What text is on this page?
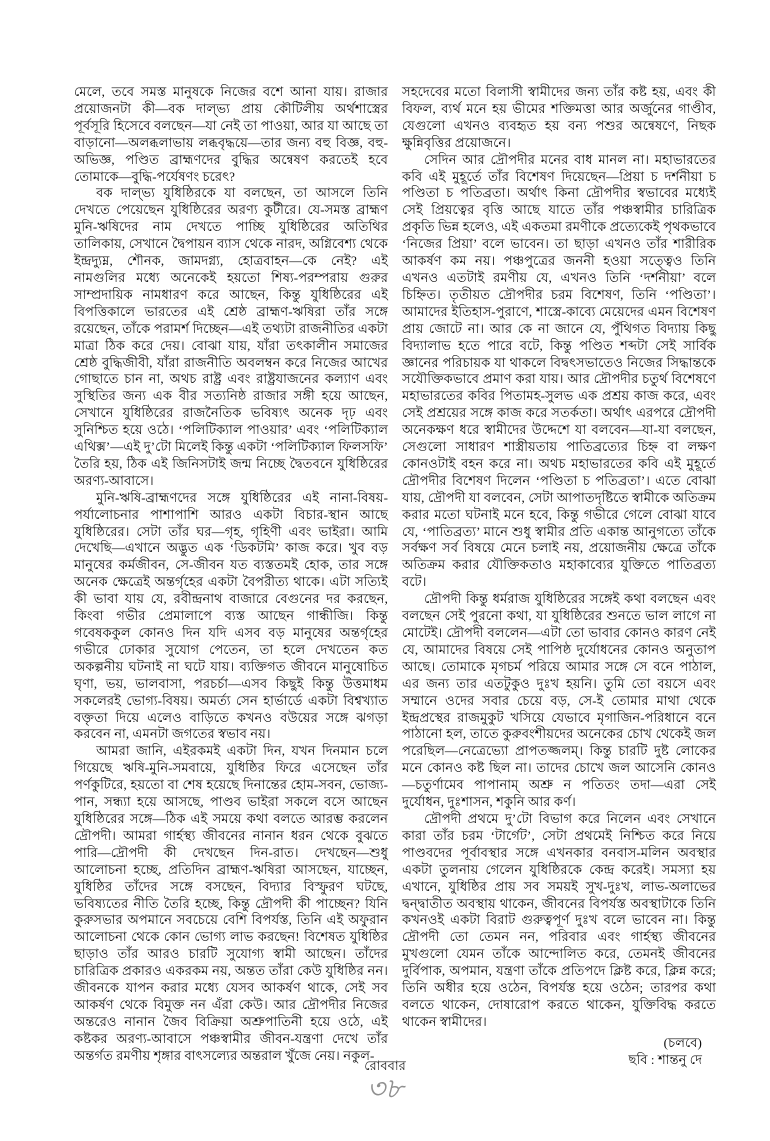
মেলে, তবে সমস্ত মানুষকে নিজের বশে আনা যায়। রাজার প্রয়োজনটা কী—বক দাল্ভ্য প্রায় কৌটিলীয় অর্থশাস্ত্রের পূর্বসূরি হিসেবে বলছেন—যা নেই তা পাওয়া, আর যা আছে তা বাড়ানো—অলব্ধলাভায় লব্ধবৃদ্ধয়ে—তার জন্য বহু বিজ্ঞ, বহু-অভিজ্ঞ, পণ্ডিত ব্রাহ্মণদের বুদ্ধির অন্বেষণ করতেই হবে তোমাকে—বুদ্ধি-পর্যেষণং চরেৎ?

বক দাল্ভ্য যুধিষ্ঠিরকে যা বলছেন, তা আসলে তিনি দেখতে পেয়েছেন যুধিষ্ঠিরের অরণ্য কুটীরে। যে-সমস্ত ব্রাহ্মণ মুনি-ঋষিদের নাম দেখতে পাচ্ছি যুধিষ্ঠিরের অতিথির তালিকায়, সেখানে দ্বৈপায়ন ব্যাস থেকে নারদ, অগ্নিবেশ্য থেকে ইন্দ্রদ্যুম্ন, শৌনক, জামদগ্ন্য, হোত্রবাহন—কে নেই? এই নামগুলির মধ্যে অনেকেই হয়তো শিষ্য-পরম্পরায় গুরুর সাম্প্রদায়িক নামধারণ করে আছেন, কিন্তু যুধিষ্ঠিরের এই বিপত্তিকালে ভারতের এই শ্রেষ্ঠ ব্রাহ্মণ-ঋষিরা তাঁর সঙ্গে রয়েছেন, তাঁকে পরামর্শ দিচ্ছেন—এই তথ্যটা রাজনীতির একটা মাত্রা ঠিক করে দেয়। বোঝা যায়, যাঁরা তৎকালীন সমাজের শ্রেষ্ঠ বুদ্ধিজীবী, যাঁরা রাজনীতি অবলম্বন করে নিজের আখের গোছাতে চান না, অথচ রাষ্ট্র এবং রাষ্ট্রযাজনের কল্যাণ এবং সুস্থিতির জন্য এক বীর সত্যনিষ্ঠ রাজার সঙ্গী হয়ে আছেন, সেখানে যুধিষ্ঠিরের রাজনৈতিক ভবিষ্যৎ অনেক দৃঢ় এবং সুনিশ্চিত হয়ে ওঠে। ‘পলিটিক্যাল পাওয়ার’ এবং ‘পলিটিক্যাল এথিক্স’—এই দু’টো মিলেই কিন্তু একটা ‘পলিটিক্যাল ফিলসফি’ তৈরি হয়, ঠিক এই জিনিসটাই জন্ম নিচ্ছে দ্বৈতবনে যুধিষ্ঠিরের অরণ্য-আবাসে।

মুনি-ঋষি-ব্রাহ্মণদের সঙ্গে যুধিষ্ঠিরের এই নানা-বিষয়-পর্যালোচনার পাশাপাশি আরও একটা বিচার-স্থান আছে যুধিষ্ঠিরের। সেটা তাঁর ঘর—গৃহ, গৃহিণী এবং ভাইরা। আমি দেখেছি—এখানে অদ্ভুত এক ‘ডিকটমি’ কাজ করে। খুব বড় মানুষের কর্মজীবন, সে-জীবন যত ব্যস্ততমই হোক, তার সঙ্গে অনেক ক্ষেত্রেই অন্তর্গৃহের একটা বৈপরীত্য থাকে। এটা সত্যিই কী ভাবা যায় যে, রবীন্দ্রনাথ বাজারে বেগুনের দর করছেন, কিংবা গভীর প্রেমালাপে ব্যস্ত আছেন গান্ধীজি। কিন্তু গবেষককুল কোনও দিন যদি এসব বড় মানুষের অন্তর্গৃহের গভীরে ঢোকার সুযোগ পেতেন, তা হলে দেখতেন কত অকল্পনীয় ঘটনাই না ঘটে যায়। ব্যক্তিগত জীবনে মানুষোচিত ঘৃণা, ভয়, ভালবাসা, পরচর্চা—এসব কিছুই কিন্তু উত্তমাধম সকলেরই ভোগ্য-বিষয়। অমর্ত্য সেন হার্ভার্ডে একটা বিশ্বখ্যাত বক্তৃতা দিয়ে এলেও বাড়িতে কখনও বউয়ের সঙ্গে ঝগড়া করবেন না, এমনটা জগতের স্বভাব নয়।

আমরা জানি, এইরকমই একটা দিন, যখন দিনমান চলে গিয়েছে ঋষি-মুনি-সমবায়ে, যুধিষ্ঠির ফিরে এসেছেন তাঁর পর্ণকুটিরে, হয়তো বা শেষ হয়েছে দিনান্তের হোম-সবন, ভোজ্য-পান, সন্ধ্যা হয়ে আসছে, পাণ্ডব ভাইরা সকলে বসে আছেন যুধিষ্ঠিরের সঙ্গে—ঠিক এই সময়ে কথা বলতে আরম্ভ করলেন দ্রৌপদী। আমরা গার্হস্থ্য জীবনের নানান ধরন থেকে বুঝতে পারি—দ্রৌপদী কী দেখছেন দিন-রাত। দেখছেন—শুধু আলোচনা হচ্ছে, প্রতিদিন ব্রাহ্মণ-ঋষিরা আসছেন, যাচ্ছেন, যুধিষ্ঠির তাঁদের সঙ্গে বসছেন, বিদ্যার বিস্ফুরণ ঘটছে, ভবিষ্যতের নীতি তৈরি হচ্ছে, কিন্তু দ্রৌপদী কী পাচ্ছেন? যিনি কুরুসভার অপমানে সবচেয়ে বেশি বিপর্যস্ত, তিনি এই অফুরান আলোচনা থেকে কোন ভোগ্য লাভ করছেন! বিশেষত যুধিষ্ঠির ছাড়াও তাঁর আরও চারটি সুযোগ্য স্বামী আছেন। তাঁদের চারিত্রিক প্রকারও একরকম নয়, অন্তত তাঁরা কেউ যুধিষ্ঠির নন। জীবনকে যাপন করার মধ্যে যেসব আকর্ষণ থাকে, সেই সব আকর্ষণ থেকে বিমুক্ত নন এঁরা কেউ। আর দ্রৌপদীর নিজের অন্তরেও নানান জৈব বিক্রিয়া অশ্রুপাতিনী হয়ে ওঠে, এই কষ্টকর অরণ্য-আবাসে পঞ্চস্বামীর জীবন-যন্ত্রণা দেখে তাঁর অন্তর্গত রমণীয় শৃঙ্গার বাৎসল্যের অন্তরাল খুঁজে নেয়। নকুল-

সহদেবের মতো বিলাসী স্বামীদের জন্য তাঁর কষ্ট হয়, এবং কী বিফল, ব্যর্থ মনে হয় ভীমের শক্তিমত্তা আর অর্জুনের গাণ্ডীব, যেগুলো এখনও ব্যবহৃত হয় বন্য পশুর অন্বেষণে, নিছক ক্ষুন্নিবৃত্তির প্রয়োজনে।

সেদিন আর দ্রৌপদীর মনের বাধ মানল না। মহাভারতের কবি এই মুহূর্তে তাঁর বিশেষণ দিয়েছেন—প্রিয়া চ দর্শনীয়া চ পণ্ডিতা চ পতিব্রতা। অর্থাৎ কিনা দ্রৌপদীর স্বভাবের মধ্যেই সেই প্রিয়ত্বের বৃত্তি আছে যাতে তাঁর পঞ্চস্বামীর চারিত্রিক প্রকৃতি ভিন্ন হলেও, এই একতমা রমণীকে প্রত্যেকেই পৃথকভাবে ‘নিজের প্রিয়া’ বলে ভাবেন। তা ছাড়া এখনও তাঁর শারীরিক আকর্ষণ কম নয়। পঞ্চপুত্রের জননী হওয়া সত্ত্বেও তিনি এখনও এতটাই রমণীয় যে, এখনও তিনি ‘দর্শনীয়া’ বলে চিহ্নিত। তৃতীয়ত দ্রৌপদীর চরম বিশেষণ, তিনি ‘পণ্ডিতা’। আমাদের ইতিহাস-পুরাণে, শাস্ত্রে-কাব্যে মেয়েদের এমন বিশেষণ প্রায় জোটে না। আর কে না জানে যে, পুঁথিগত বিদ্যায় কিছু বিদ্যালাভ হতে পারে বটে, কিন্তু পণ্ডিত শব্দটা সেই সার্বিক জ্ঞানের পরিচায়ক যা থাকলে বিদ্বৎসভাতেও নিজের সিদ্ধান্তকে সযৌক্তিকভাবে প্রমাণ করা যায়। আর দ্রৌপদীর চতুর্থ বিশেষণে মহাভারতের কবির পিতামহ-সুলভ এক প্রশ্রয় কাজ করে, এবং সেই প্রশ্রয়ের সঙ্গে কাজ করে সতর্কতা। অর্থাৎ এরপরে দ্রৌপদী অনেকক্ষণ ধরে স্বামীদের উদ্দেশে যা বলবেন—যা-যা বলছেন, সেগুলো সাধারণ শাস্ত্রীয়তায় পাতিব্রত্যের চিহ্ন বা লক্ষণ কোনওটাই বহন করে না। অথচ মহাভারতের কবি এই মুহূর্তে দ্রৌপদীর বিশেষণ দিলেন ‘পণ্ডিতা চ পতিব্রতা’। এতে বোঝা যায়, দ্রৌপদী যা বলবেন, সেটা আপাতদৃষ্টিতে স্বামীকে অতিক্রম করার মতো ঘটনাই মনে হবে, কিন্তু গভীরে গেলে বোঝা যাবে যে, ‘পাতিব্রত্য’ মানে শুধু স্বামীর প্রতি একান্ত আনুগত্যে তাঁকে সর্বক্ষণ সর্ব বিষয়ে মেনে চলাই নয়, প্রয়োজনীয় ক্ষেত্রে তাঁকে অতিক্রম করার যৌক্তিকতাও মহাকাব্যের যুক্তিতে পাতিব্রত্য বটে।

দ্রৌপদী কিন্তু ধর্মরাজ যুধিষ্ঠিরের সঙ্গেই কথা বলছেন এবং বলছেন সেই পুরনো কথা, যা যুধিষ্ঠিরের শুনতে ভাল লাগে না মোটেই। দ্রৌপদী বললেন—এটা তো ভাবার কোনও কারণ নেই যে, আমাদের বিষয়ে সেই পাপিষ্ঠ দুর্যোধনের কোনও অনুতাপ আছে। তোমাকে মৃগচর্ম পরিয়ে আমার সঙ্গে সে বনে পাঠাল, এর জন্য তার এতটুকুও দুঃখ হয়নি। তুমি তো বয়সে এবং সম্মানে ওদের সবার চেয়ে বড়, সে-ই তোমার মাথা থেকে ইন্দ্রপ্রস্থের রাজমুকুট খসিয়ে যেভাবে মৃগাজিন-পরিধানে বনে পাঠানো হল, তাতে কুরুবংশীয়দের অনেকের চোখ থেকেই জল পরেছিল—নেত্রেভ্যো প্রাপতজ্জলম্। কিন্তু চারটি দুষ্ট লোকের মনে কোনও কষ্ট ছিল না। তাদের চোখে জল আসেনি কোনও—চতুর্ণামেব পাপানাম্ অশ্রু ন পতিতং তদা—এরা সেই দুর্যোধন, দুঃশাসন, শকুনি আর কর্ণ।

দ্রৌপদী প্রথমে দু’টো বিভাগ করে নিলেন এবং সেখানে কারা তাঁর চরম ‘টার্গেট’, সেটা প্রথমেই নিশ্চিত করে নিয়ে পাণ্ডবদের পূর্বাবস্থার সঙ্গে এখনকার বনবাস-মলিন অবস্থার একটা তুলনায় গেলেন যুধিষ্ঠিরকে কেন্দ্র করেই। সমস্যা হয় এখানে, যুধিষ্ঠির প্রায় সব সময়ই সুখ-দুঃখ, লাভ-অলাভের দ্বন্দ্বাতীত অবস্থায় থাকেন, জীবনের বিপর্যস্ত অবস্থাটাকে তিনি কখনওই একটা বিরাট গুরুত্বপূর্ণ দুঃখ বলে ভাবেন না। কিন্তু দ্রৌপদী তো তেমন নন, পরিবার এবং গার্হস্থ্য জীবনের মুখগুলো যেমন তাঁকে আন্দোলিত করে, তেমনই জীবনের দুর্বিপাক, অপমান, যন্ত্রণা তাঁকে প্রতিপদে ক্লিষ্ট করে, ক্লিন্ন করে; তিনি অধীর হয়ে ওঠেন, বিপর্যস্ত হয়ে ওঠেন; তারপর কথা বলতে থাকেন, দোষারোপ করতে থাকেন, যুক্তিবিদ্ধ করতে থাকেন স্বামীদের।

(চলবে)

ছবি : শান্তনু দে

রোববার
৩৮
